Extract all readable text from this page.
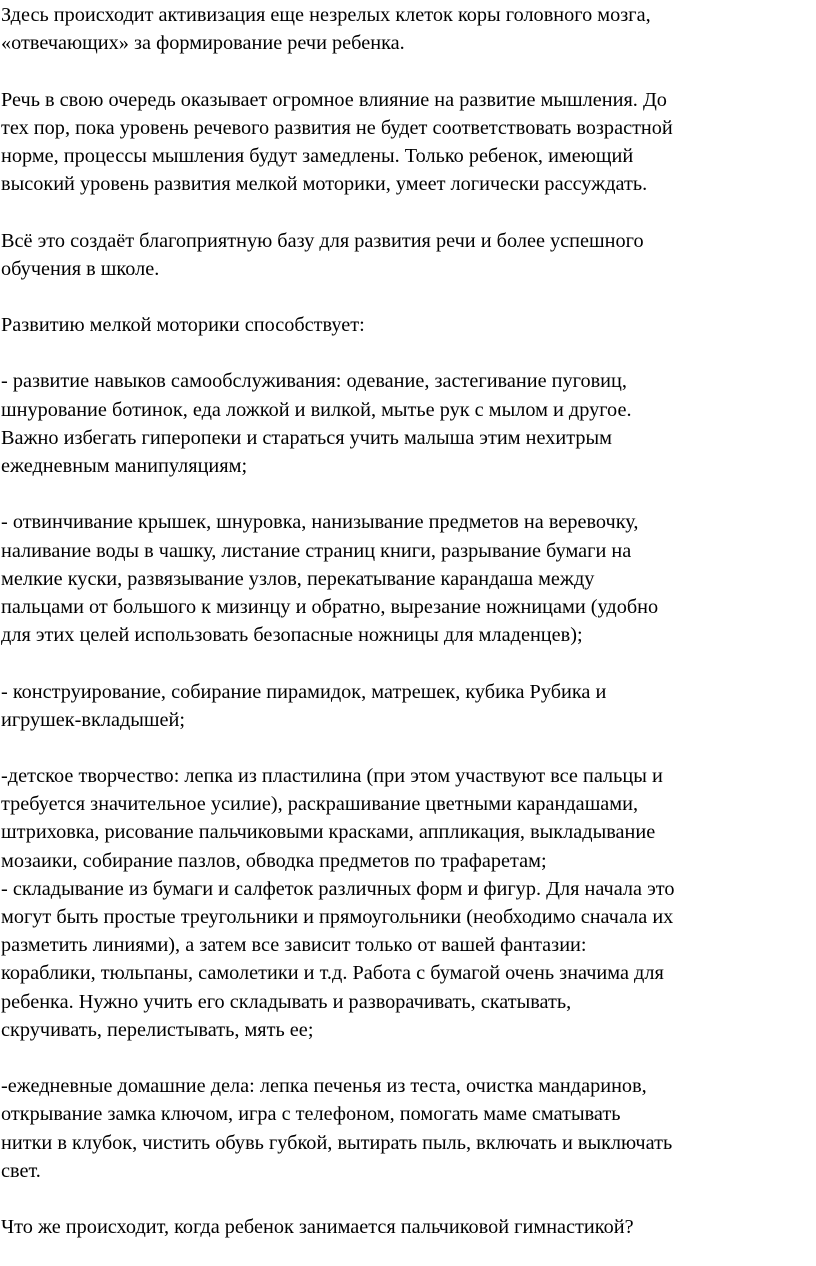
Здесь происходит активизация еще незрелых клеток коры головного мозга,
«отвечающих» за формирование речи ребенка.
Речь в свою очередь оказывает огромное влияние на развитие мышления. До
тех пор, пока уровень речевого развития не будет соответствовать возрастной
норме, процессы мышления будут замедлены. Только ребенок, имеющий
высокий уровень развития мелкой моторики, умеет логически рассуждать.
Всё это создаёт благоприятную базу для развития речи и более успешного
обучения в школе.
Развитию мелкой моторики способствует:
- развитие навыков самообслуживания: одевание, застегивание пуговиц,
шнурование ботинок, еда ложкой и вилкой, мытье рук с мылом и другое.
Важно избегать гиперопеки и стараться учить малыша этим нехитрым
ежедневным манипуляциям;
- отвинчивание крышек, шнуровка, нанизывание предметов на веревочку,
наливание воды в чашку, листание страниц книги, разрывание бумаги на
мелкие куски, развязывание узлов, перекатывание карандаша между
пальцами от большого к мизинцу и обратно, вырезание ножницами (удобно
для этих целей использовать безопасные ножницы для младенцев);
- конструирование, собирание пирамидок, матрешек, кубика Рубика и
игрушек-вкладышей;
-детское творчество: лепка из пластилина (при этом участвуют все пальцы и
требуется значительное усилие), раскрашивание цветными карандашами,
штриховка, рисование пальчиковыми красками, аппликация, выкладывание
мозаики, собирание пазлов, обводка предметов по трафаретам;
- складывание из бумаги и салфеток различных форм и фигур. Для начала это
могут быть простые треугольники и прямоугольники (необходимо сначала их
разметить линиями), а затем все зависит только от вашей фантазии:
кораблики, тюльпаны, самолетики и т.д. Работа с бумагой очень значима для
ребенка. Нужно учить его складывать и разворачивать, скатывать,
скручивать, перелистывать, мять ее;
-ежедневные домашние дела: лепка печенья из теста, очистка мандаринов,
открывание замка ключом, игра с телефоном, помогать маме сматывать
нитки в клубок, чистить обувь губкой, вытирать пыль, включать и выключать
свет.
Что же происходит, когда ребенок занимается пальчиковой гимнастикой?
